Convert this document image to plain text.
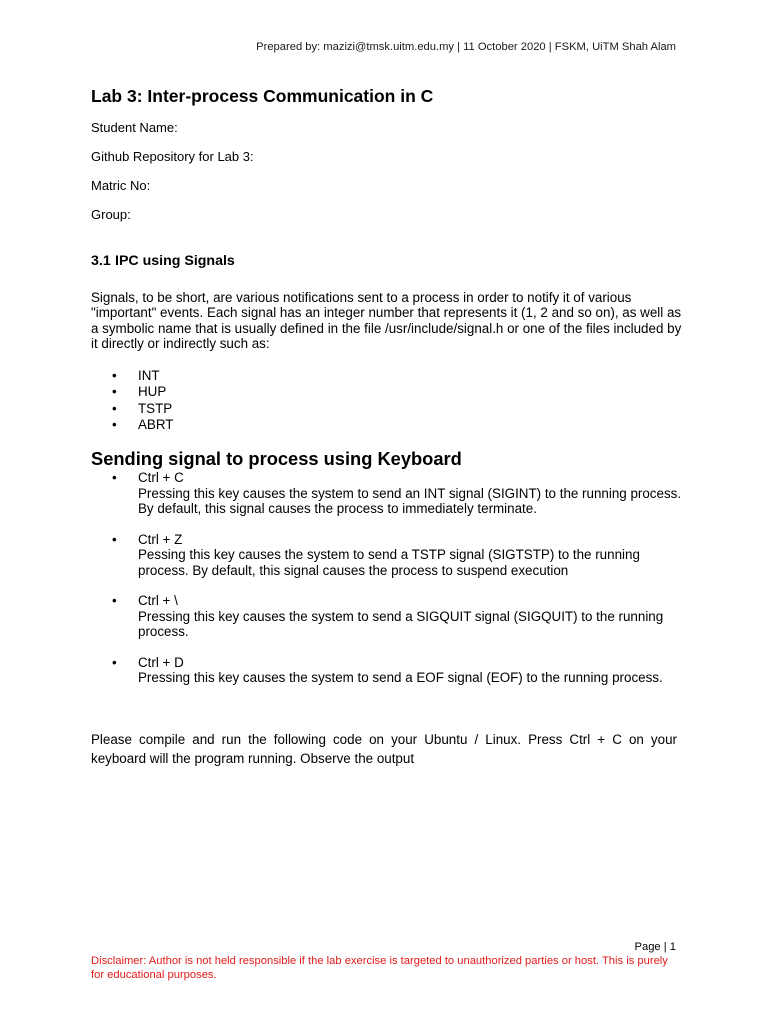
Prepared by: mazizi@tmsk.uitm.edu.my | 11 October 2020 | FSKM, UiTM Shah Alam
Lab 3: Inter-process Communication in C

Student Name:

Github Repository for Lab 3:

Matric No:

Group:

3.1 IPC using Signals

Signals, to be short, are various notifications sent to a process in order to notify it of various "important" events. Each signal has an integer number that represents it (1, 2 and so on), as well as a symbolic name that is usually defined in the file /usr/include/signal.h or one of the files included by it directly or indirectly such as:

• INT
• HUP
• TSTP
• ABRT
Sending signal to process using Keyboard
• Ctrl + C
Pressing this key causes the system to send an INT signal (SIGINT) to the running process. By default, this signal causes the process to immediately terminate.
• Ctrl + Z
Pessing this key causes the system to send a TSTP signal (SIGTSTP) to the running process. By default, this signal causes the process to suspend execution
• Ctrl + \
Pressing this key causes the system to send a SIGQUIT signal (SIGQUIT) to the running process.
• Ctrl + D
Pressing this key causes the system to send a EOF signal (EOF) to the running process.

Please compile and run the following code on your Ubuntu / Linux. Press Ctrl + C on your keyboard will the program running. Observe the output

Page | 1

Disclaimer: Author is not held responsible if the lab exercise is targeted to unauthorized parties or host. This is purely for educational purposes.
